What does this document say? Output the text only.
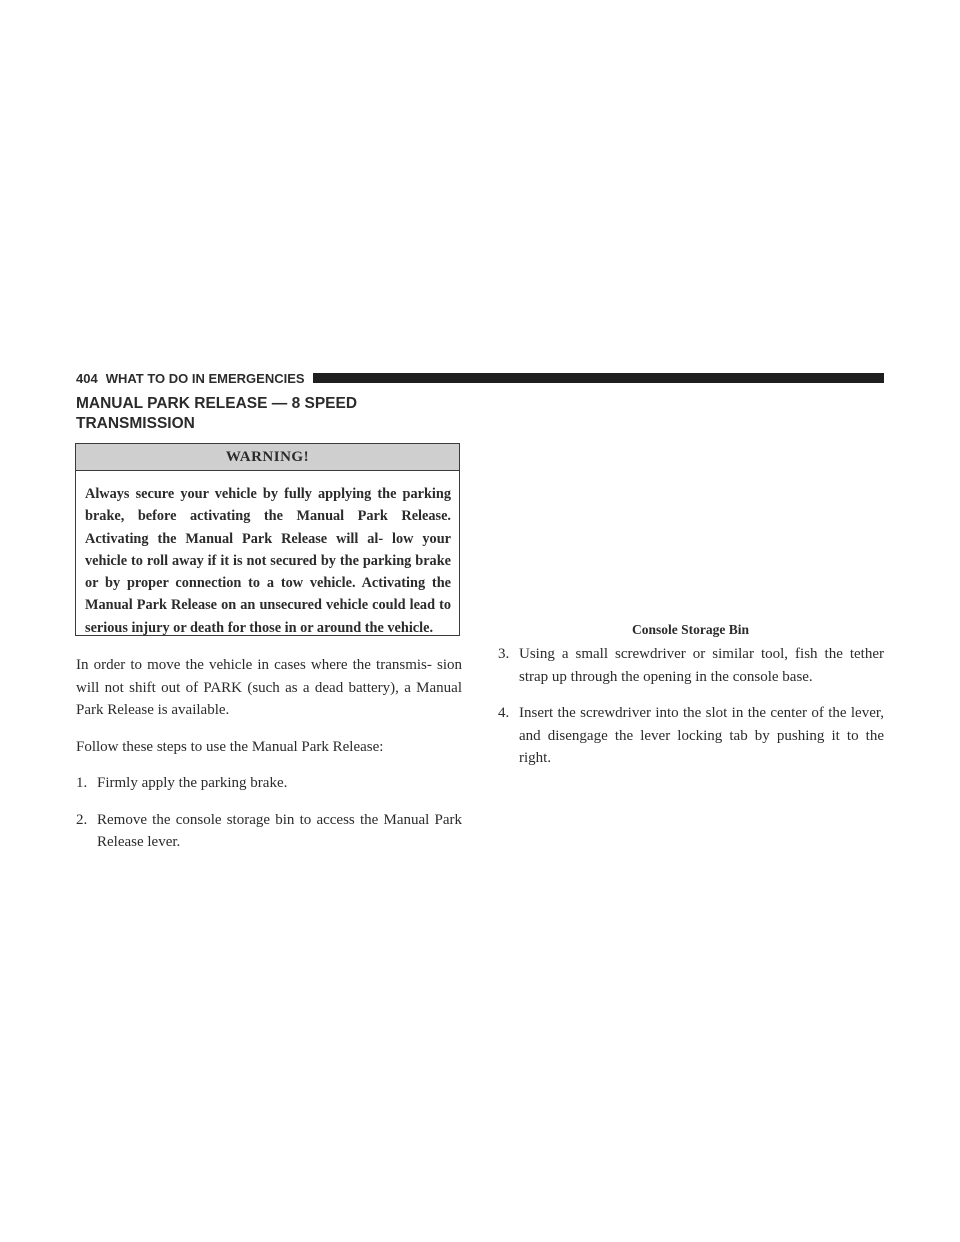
404 WHAT TO DO IN EMERGENCIES
MANUAL PARK RELEASE — 8 SPEED
TRANSMISSION
WARNING!
Always secure your vehicle by fully applying the parking brake, before activating the Manual Park Release. Activating the Manual Park Release will al- low your vehicle to roll away if it is not secured by the parking brake or by proper connection to a tow vehicle. Activating the Manual Park Release on an unsecured vehicle could lead to serious injury or death for those in or around the vehicle.

In order to move the vehicle in cases where the transmis- sion will not shift out of PARK (such as a dead battery), a Manual Park Release is available.

Follow these steps to use the Manual Park Release:

1. Firmly apply the parking brake.
2. Remove the console storage bin to access the Manual Park Release lever.
Console Storage Bin
3. Using a small screwdriver or similar tool, fish the tether strap up through the opening in the console base.
4. Insert the screwdriver into the slot in the center of the lever, and disengage the lever locking tab by pushing it to the right.
